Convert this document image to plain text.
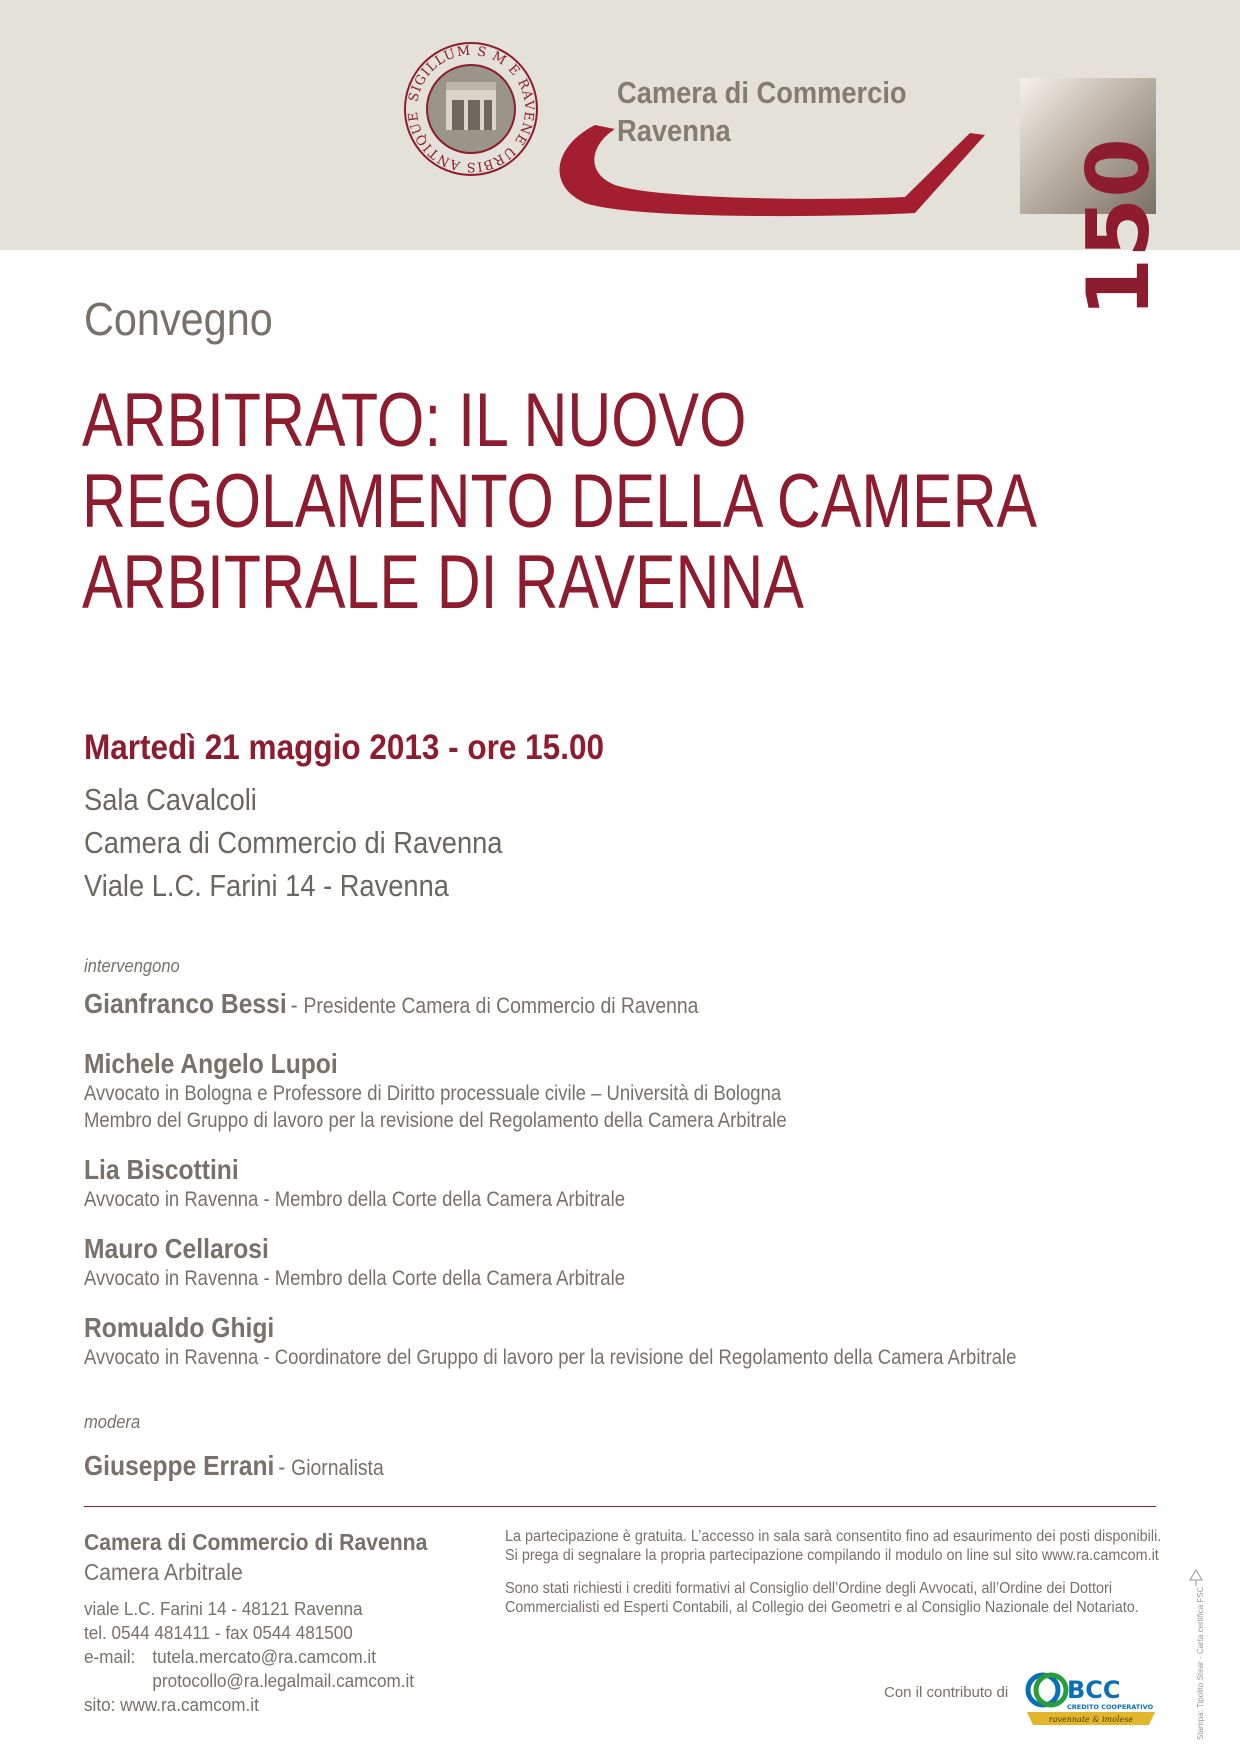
SIGILLUM S M E RAVENE URBIS ANTIQUE
Camera di Commercio
Ravenna
150
Convegno
ARBITRATO: IL NUOVO
REGOLAMENTO DELLA CAMERA
ARBITRALE DI RAVENNA
Martedì 21 maggio 2013 - ore 15.00
Sala Cavalcoli
Camera di Commercio di Ravenna
Viale L.C. Farini 14 - Ravenna
intervengono
Gianfranco Bessi - Presidente Camera di Commercio di Ravenna
Michele Angelo Lupoi
Avvocato in Bologna e Professore di Diritto processuale civile – Università di Bologna
Membro del Gruppo di lavoro per la revisione del Regolamento della Camera Arbitrale
Lia Biscottini
Avvocato in Ravenna - Membro della Corte della Camera Arbitrale
Mauro Cellarosi
Avvocato in Ravenna - Membro della Corte della Camera Arbitrale
Romualdo Ghigi
Avvocato in Ravenna - Coordinatore del Gruppo di lavoro per la revisione del Regolamento della Camera Arbitrale
modera
Giuseppe Errani - Giornalista
Camera di Commercio di Ravenna
Camera Arbitrale
viale L.C. Farini 14 - 48121 Ravenna
tel. 0544 481411 - fax 0544 481500
e-mail: tutela.mercato@ra.camcom.it
protocollo@ra.legalmail.camcom.it
sito:
www.ra.camcom.it

La partecipazione è gratuita. L’accesso in sala sarà consentito fino ad esaurimento dei posti disponibili.
Si prega di segnalare la propria partecipazione compilando il modulo on line sul sito www.ra.camcom.it

Sono stati richiesti i crediti formativi al Consiglio dell’Ordine degli Avvocati, all’Ordine dei Dottori
Commercialisti ed Esperti Contabili, al Collegio dei Geometri e al Consiglio Nazionale del Notariato.

Con il contributo di BCC
CREDITO COOPERATIVO
ravennate & imolese	Stampa: Tipolito Stear - Carta certifica FSC
